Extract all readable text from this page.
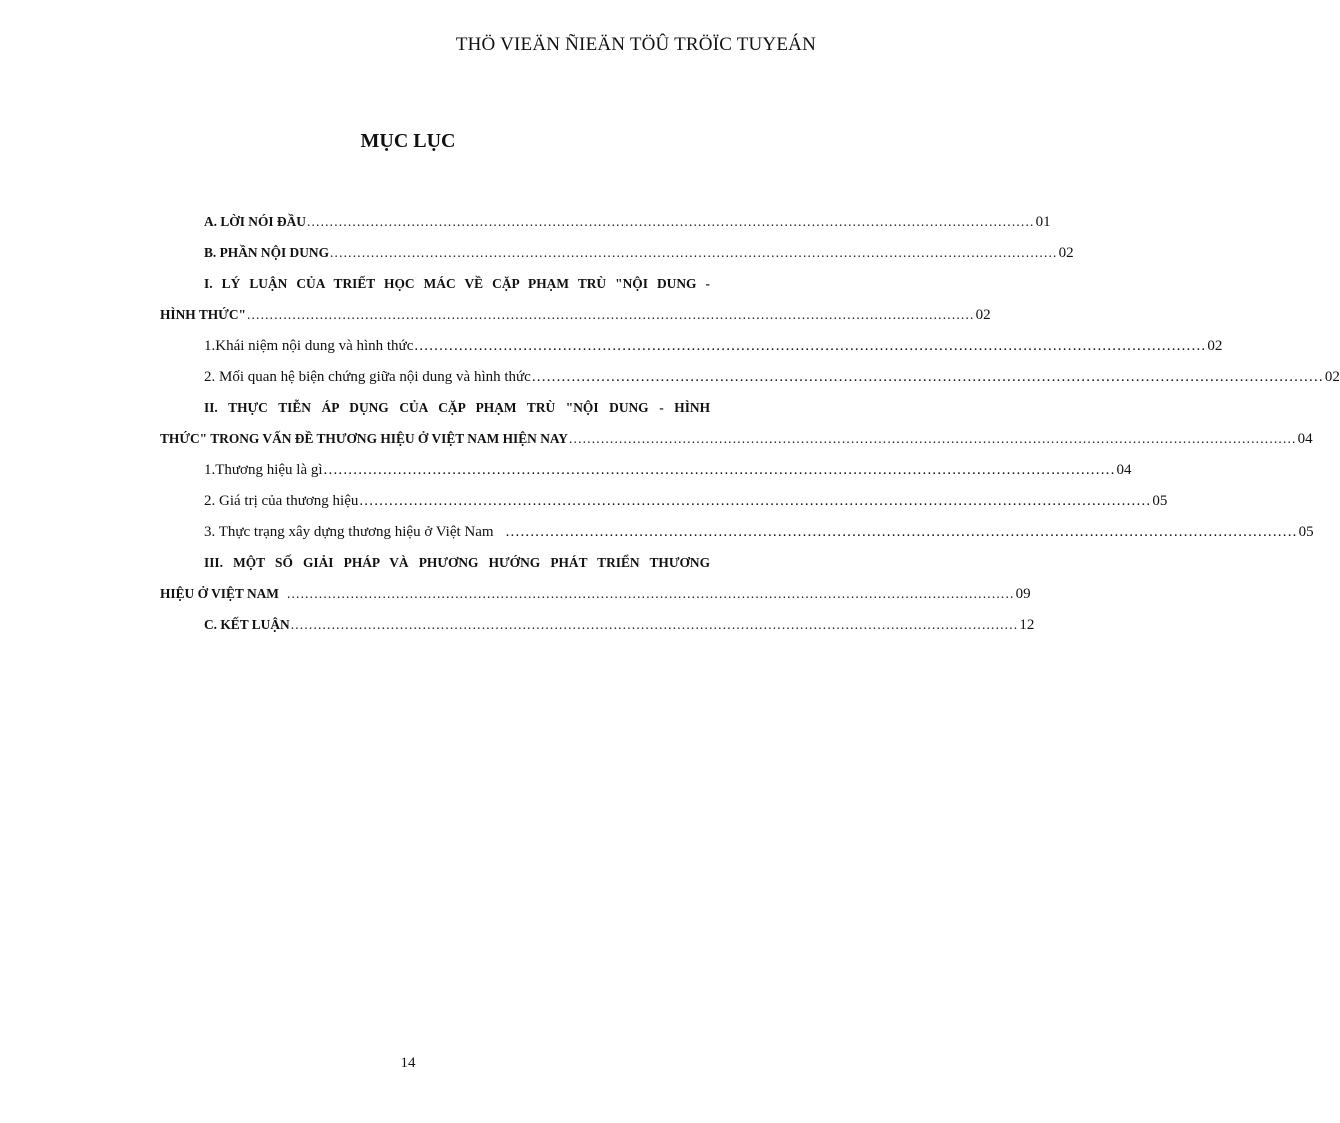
THÖ VIEÄN ÑIEÄN TÖÛ TRÖÏC TUYEÁN
MỤC LỤC
A. LỜI NÓI ĐẦU ................................................................................................................................................................ 01
B. PHẦN NỘI DUNG ................................................................................................................................................................ 02
I. LÝ LUẬN CỦA TRIẾT HỌC MÁC VỀ CẶP PHẠM TRÙ "NỘI DUNG -
HÌNH THỨC" ................................................................................................................................................................ 02
1.Khái niệm nội dung và hình thức ................................................................................................................................................................ 02
2. Mối quan hệ biện chứng giữa nội dung và hình thức ................................................................................................................................................................ 02
II. THỰC TIỄN ÁP DỤNG CỦA CẶP PHẠM TRÙ "NỘI DUNG - HÌNH
THỨC" TRONG VẤN ĐỀ THƯƠNG HIỆU Ở VIỆT NAM HIỆN NAY ................................................................................................................................................................ 04
1.Thương hiệu là gì ................................................................................................................................................................ 04
2. Giá trị của thương hiệu ................................................................................................................................................................ 05
3. Thực trạng xây dựng thương hiệu ở Việt Nam ................................................................................................................................................................ 05
III. MỘT SỐ GIẢI PHÁP VÀ PHƯƠNG HƯỚNG PHÁT TRIỂN THƯƠNG
HIỆU Ở VIỆT NAM ................................................................................................................................................................ 09
C. KẾT LUẬN ................................................................................................................................................................ 12
14
